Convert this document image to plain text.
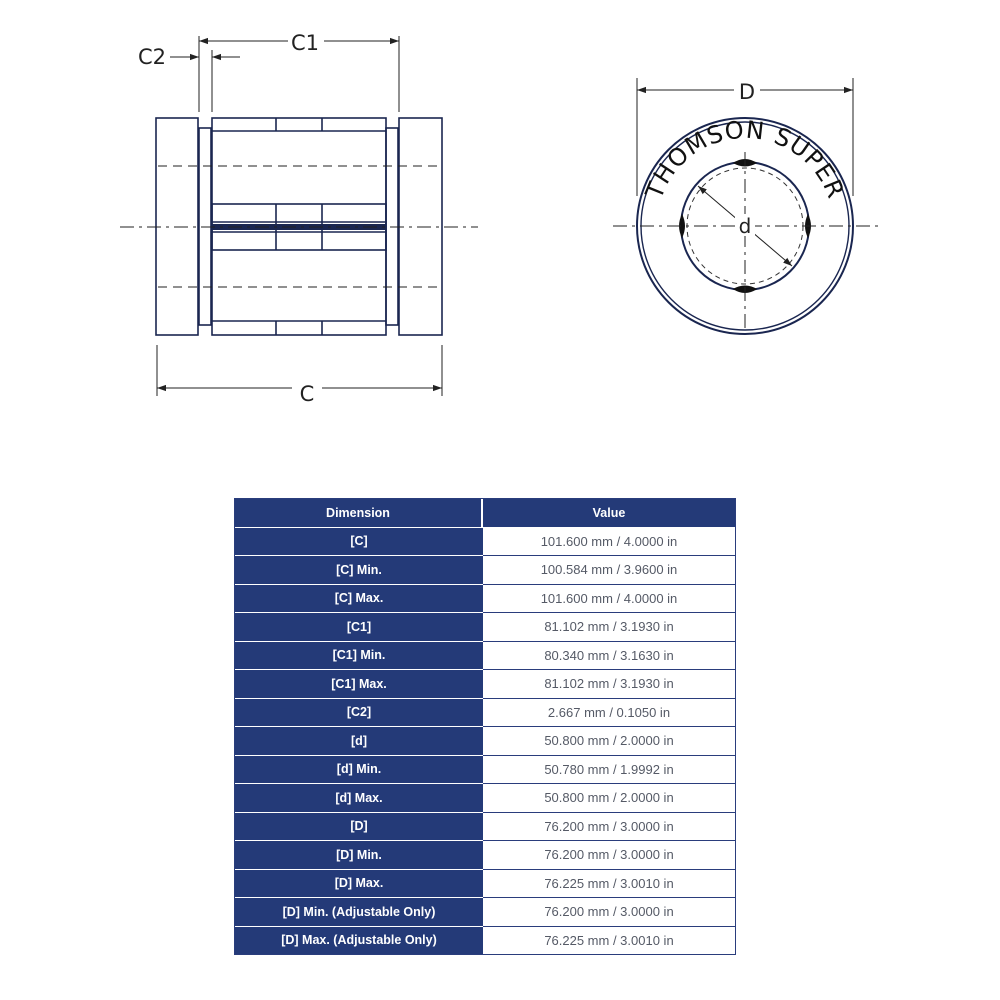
C1
C2
C
THOMSON SUPER
D
d
Dimension	Value
[C]	101.600 mm / 4.0000 in
[C] Min.	100.584 mm / 3.9600 in
[C] Max.	101.600 mm / 4.0000 in
[C1]	81.102 mm / 3.1930 in
[C1] Min.	80.340 mm / 3.1630 in
[C1] Max.	81.102 mm / 3.1930 in
[C2]	2.667 mm / 0.1050 in
[d]	50.800 mm / 2.0000 in
[d] Min.	50.780 mm / 1.9992 in
[d] Max.	50.800 mm / 2.0000 in
[D]	76.200 mm / 3.0000 in
[D] Min.	76.200 mm / 3.0000 in
[D] Max.	76.225 mm / 3.0010 in
[D] Min. (Adjustable Only)	76.200 mm / 3.0000 in
[D] Max. (Adjustable Only)	76.225 mm / 3.0010 in
